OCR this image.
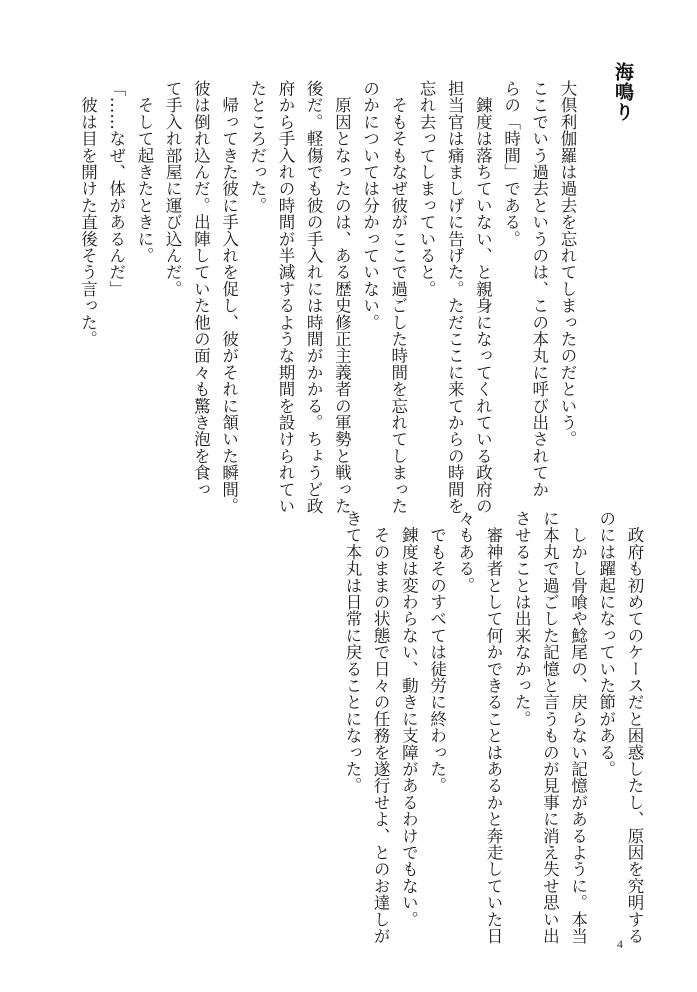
海鳴り
大倶利伽羅は過去を忘れてしまったのだという。
ここでいう過去というのは、この本丸に呼び出されてか
らの「時間」である。
　錬度は落ちていない、と親身になってくれている政府の
担当官は痛ましげに告げた。ただここに来てからの時間を
忘れ去ってしまっていると。
　そもそもなぜ彼がここで過ごした時間を忘れてしまった
のかについては分かっていない。
　原因となったのは、ある歴史修正主義者の軍勢と戦った
後だ。軽傷でも彼の手入れには時間がかかる。ちょうど政
府から手入れの時間が半減するような期間を設けられてい
たところだった。
　帰ってきた彼に手入れを促し、彼がそれに頷いた瞬間。
彼は倒れ込んだ。出陣していた他の面々も驚き泡を食っ
て手入れ部屋に運び込んだ。
　そして起きたときに。
「……なぜ、体があるんだ」
　彼は目を開けた直後そう言った。
　政府も初めてのケースだと困惑したし、原因を究明する
のには躍起になっていた節がある。
　しかし骨喰や鯰尾の、戻らない記憶があるように。本当
に本丸で過ごした記憶と言うものが見事に消え失せ思い出
させることは出来なかった。
　審神者として何かできることはあるかと奔走していた日
々もある。
　でもそのすべては徒労に終わった。
　錬度は変わらない、動きに支障があるわけでもない。
　そのままの状態で日々の任務を遂行せよ、とのお達しが
きて本丸は日常に戻ることになった。
4
